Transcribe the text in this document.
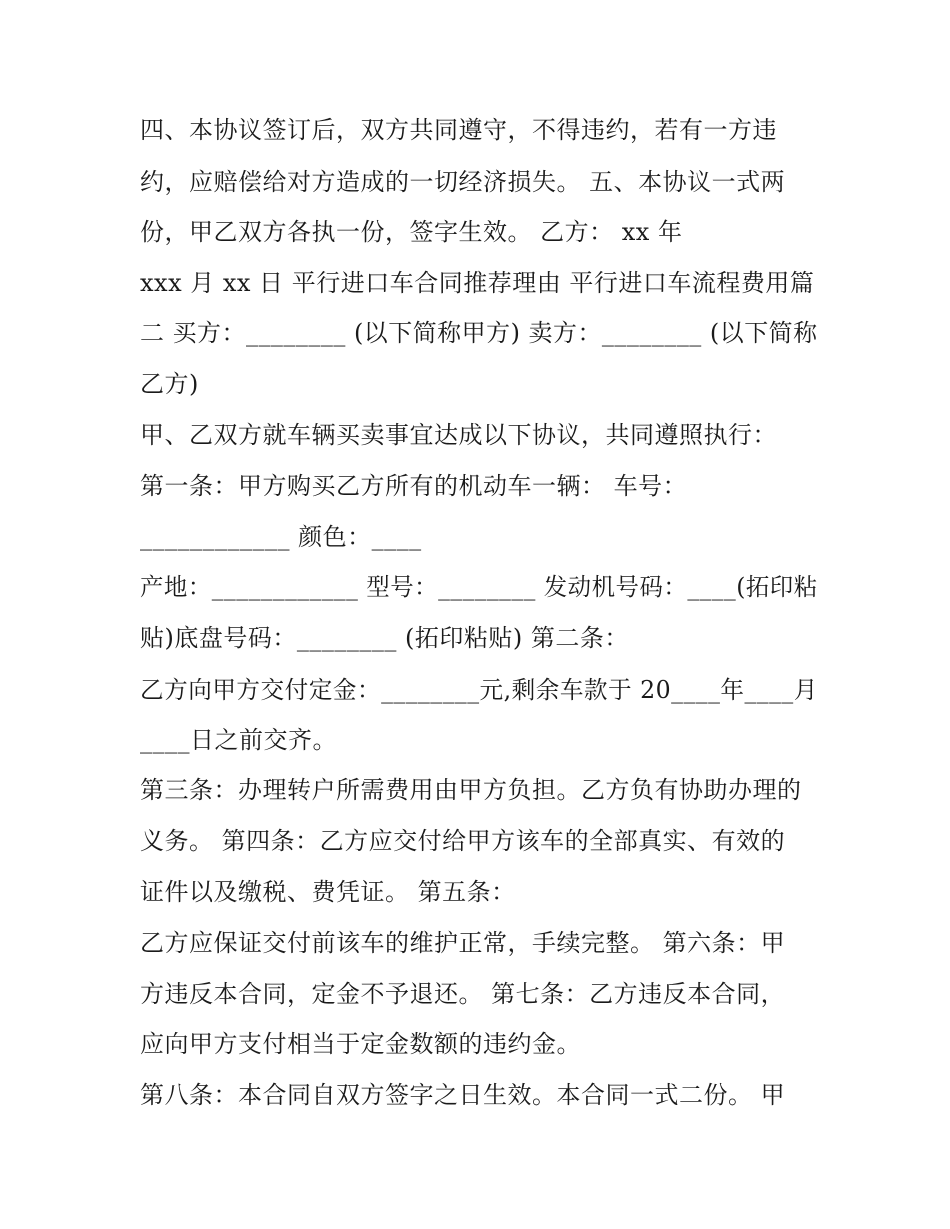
四、本协议签订后，双方共同遵守，不得违约，若有一方违
约，应赔偿给对方造成的一切经济损失。 五、本协议一式两
份，甲乙双方各执一份，签字生效。 乙方： xx 年
xxx 月 xx 日 平行进口车合同推荐理由 平行进口车流程费用篇
二 买方：________ (以下简称甲方) 卖方：________ (以下简称
乙方)
甲、乙双方就车辆买卖事宜达成以下协议，共同遵照执行：
第一条：甲方购买乙方所有的机动车一辆： 车号：
____________ 颜色：____
产地：____________ 型号：________ 发动机号码：____(拓印粘
贴)底盘号码：________ (拓印粘贴) 第二条：
乙方向甲方交付定金：________元,剩余车款于 20____年____月
____日之前交齐。
第三条：办理转户所需费用由甲方负担。乙方负有协助办理的
义务。 第四条：乙方应交付给甲方该车的全部真实、有效的
证件以及缴税、费凭证。 第五条：
乙方应保证交付前该车的维护正常，手续完整。 第六条：甲
方违反本合同，定金不予退还。 第七条：乙方违反本合同，
应向甲方支付相当于定金数额的违约金。
第八条：本合同自双方签字之日生效。本合同一式二份。 甲
